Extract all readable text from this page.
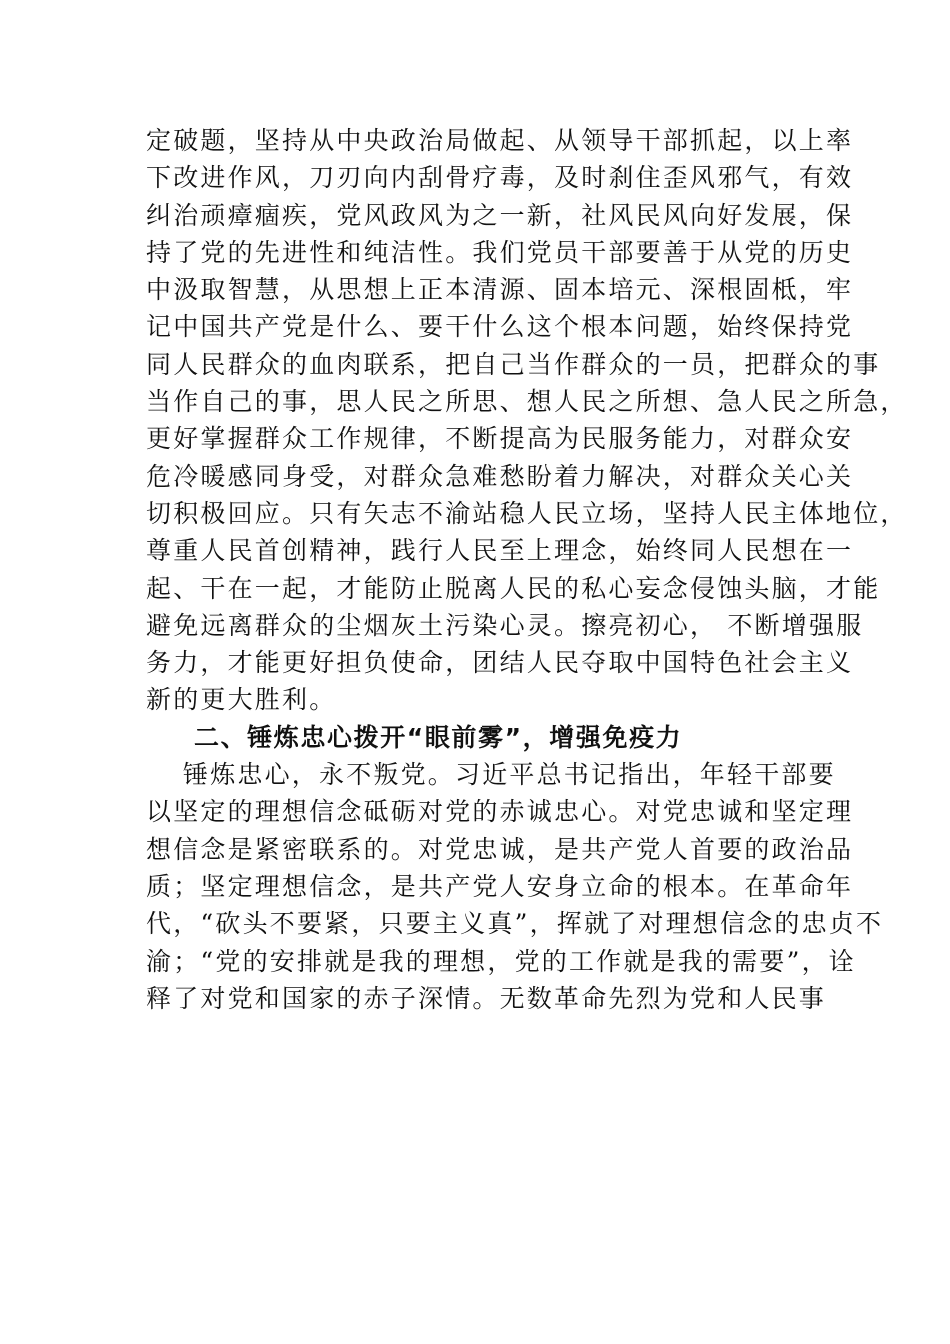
定破题，坚持从中央政治局做起、从领导干部抓起，以上率
下改进作风，刀刃向内刮骨疗毒，及时刹住歪风邪气，有效
纠治顽瘴痼疾，党风政风为之一新，社风民风向好发展，保
持了党的先进性和纯洁性。我们党员干部要善于从党的历史
中汲取智慧，从思想上正本清源、固本培元、深根固柢，牢
记中国共产党是什么、要干什么这个根本问题，始终保持党
同人民群众的血肉联系，把自己当作群众的一员，把群众的事
当作自己的事，思人民之所思、想人民之所想、急人民之所急，
更好掌握群众工作规律，不断提高为民服务能力，对群众安
危冷暖感同身受，对群众急难愁盼着力解决，对群众关心关
切积极回应。只有矢志不渝站稳人民立场，坚持人民主体地位，
尊重人民首创精神，践行人民至上理念，始终同人民想在一
起、干在一起，才能防止脱离人民的私心妄念侵蚀头脑，才能
避免远离群众的尘烟灰土污染心灵。擦亮初心， 不断增强服
务力，才能更好担负使命，团结人民夺取中国特色社会主义
新的更大胜利。
二、锤炼忠心拨开“眼前雾”，增强免疫力
锤炼忠心，永不叛党。习近平总书记指出，年轻干部要
以坚定的理想信念砥砺对党的赤诚忠心。对党忠诚和坚定理
想信念是紧密联系的。对党忠诚，是共产党人首要的政治品
质；坚定理想信念，是共产党人安身立命的根本。在革命年
代，“砍头不要紧，只要主义真”，挥就了对理想信念的忠贞不
渝；“党的安排就是我的理想，党的工作就是我的需要”，诠
释了对党和国家的赤子深情。无数革命先烈为党和人民事
